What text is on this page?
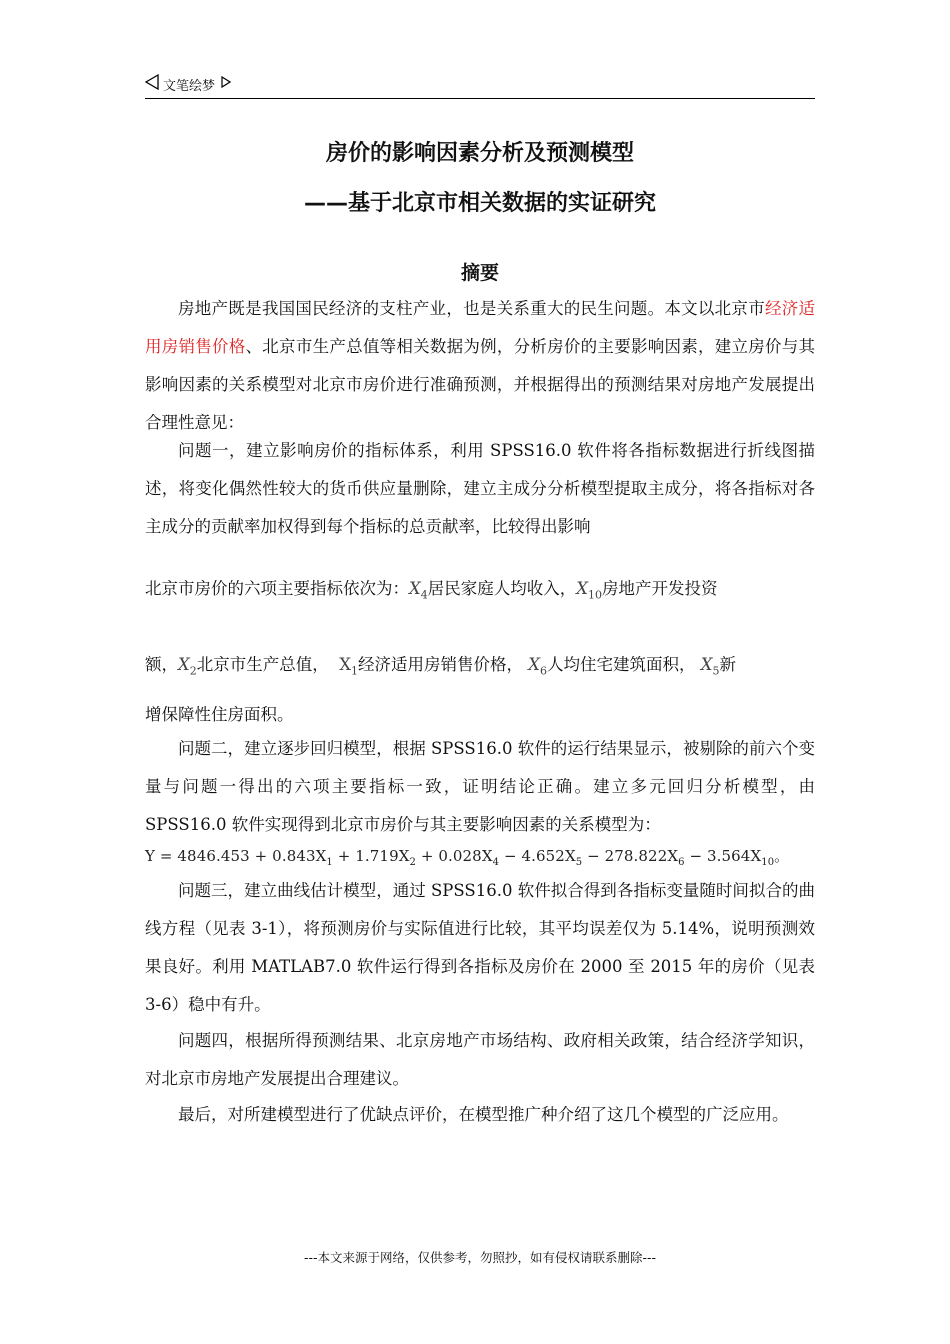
文笔绘梦
房价的影响因素分析及预测模型
——基于北京市相关数据的实证研究
摘要
房地产既是我国国民经济的支柱产业，也是关系重大的民生问题。本文以北京市经济适用房销售价格、北京市生产总值等相关数据为例，分析房价的主要影响因素，建立房价与其影响因素的关系模型对北京市房价进行准确预测，并根据得出的预测结果对房地产发展提出合理性意见：
问题一，建立影响房价的指标体系，利用 SPSS16.0 软件将各指标数据进行折线图描述，将变化偶然性较大的货币供应量删除，建立主成分分析模型提取主成分，将各指标对各主成分的贡献率加权得到每个指标的总贡献率，比较得出影响
北京市房价的六项主要指标依次为：$X_4$居民家庭人均收入，$X_{10}$房地产开发投资
额，$X_2$北京市生产总值， $X_1$经济适用房销售价格， $X_6$人均住宅建筑面积， $X_5$新
增保障性住房面积。
问题二，建立逐步回归模型，根据 SPSS16.0 软件的运行结果显示，被剔除的前六个变量与问题一得出的六项主要指标一致，证明结论正确。建立多元回归分析模型，由 SPSS16.0 软件实现得到北京市房价与其主要影响因素的关系模型为：
$Y = 4846.453 + 0.843X_1 + 1.719X_2 + 0.028X_4 - 4.652X_5 - 278.822X_6 - 3.564X_{10}$。
问题三，建立曲线估计模型，通过 SPSS16.0 软件拟合得到各指标变量随时间拟合的曲线方程（见表 3-1），将预测房价与实际值进行比较，其平均误差仅为 5.14%，说明预测效果良好。利用 MATLAB7.0 软件运行得到各指标及房价在 2000 至 2015 年的房价（见表 3-6）稳中有升。
问题四，根据所得预测结果、北京房地产市场结构、政府相关政策，结合经济学知识，对北京市房地产发展提出合理建议。
最后，对所建模型进行了优缺点评价，在模型推广种介绍了这几个模型的广泛应用。
---本文来源于网络，仅供参考，勿照抄，如有侵权请联系删除---
